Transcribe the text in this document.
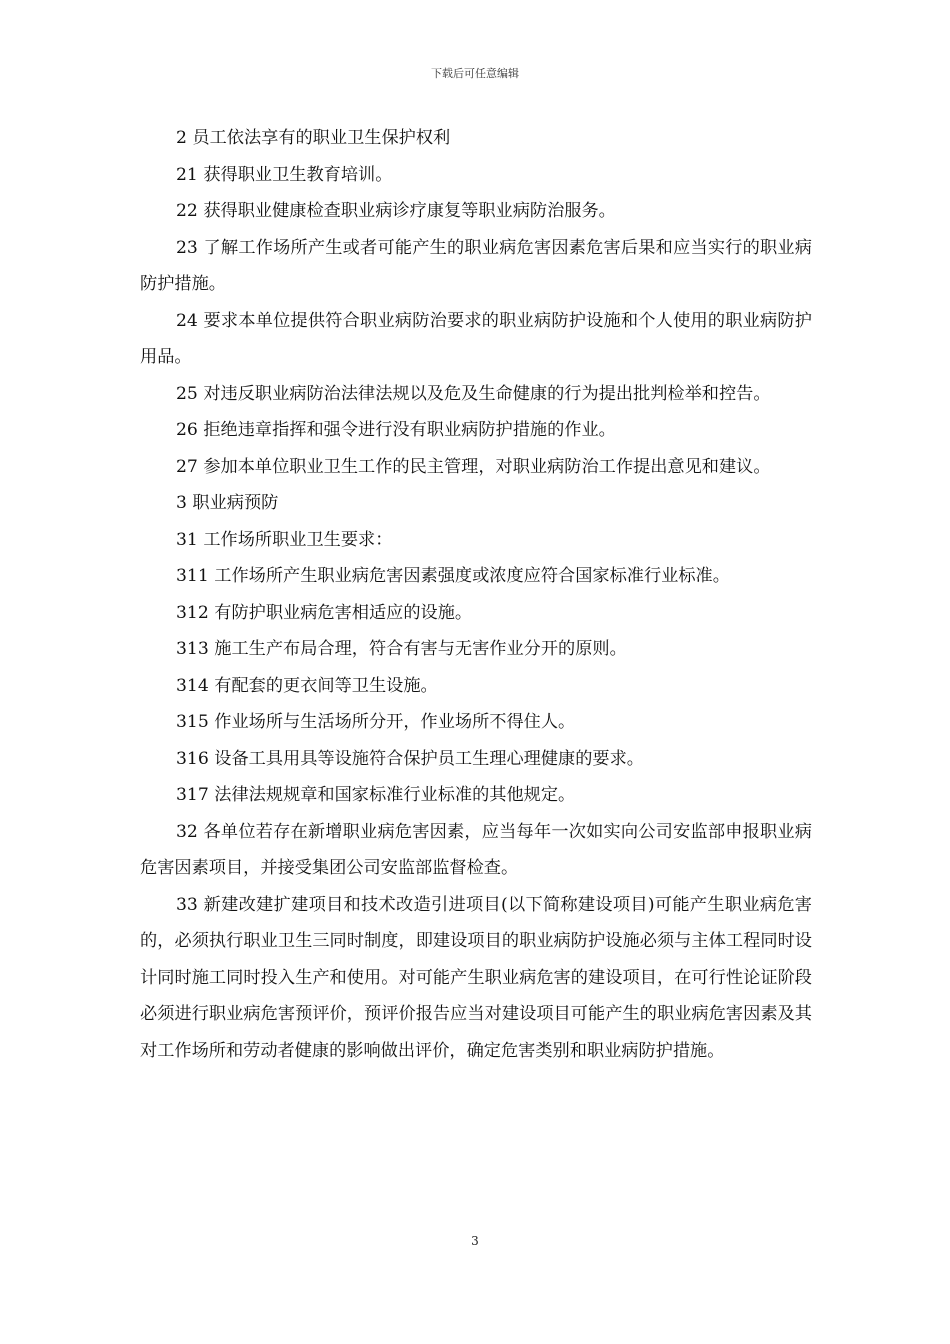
下载后可任意编辑

2 员工依法享有的职业卫生保护权利

21 获得职业卫生教育培训。

22 获得职业健康检查职业病诊疗康复等职业病防治服务。

23 了解工作场所产生或者可能产生的职业病危害因素危害后果和应当实行的职业病防护措施。

24 要求本单位提供符合职业病防治要求的职业病防护设施和个人使用的职业病防护用品。

25 对违反职业病防治法律法规以及危及生命健康的行为提出批判检举和控告。

26 拒绝违章指挥和强令进行没有职业病防护措施的作业。

27 参加本单位职业卫生工作的民主管理，对职业病防治工作提出意见和建议。

3 职业病预防

31 工作场所职业卫生要求：

311 工作场所产生职业病危害因素强度或浓度应符合国家标准行业标准。

312 有防护职业病危害相适应的设施。

313 施工生产布局合理，符合有害与无害作业分开的原则。

314 有配套的更衣间等卫生设施。

315 作业场所与生活场所分开，作业场所不得住人。

316 设备工具用具等设施符合保护员工生理心理健康的要求。

317 法律法规规章和国家标准行业标准的其他规定。

32 各单位若存在新增职业病危害因素，应当每年一次如实向公司安监部申报职业病危害因素项目，并接受集团公司安监部监督检查。

33 新建改建扩建项目和技术改造引进项目(以下简称建设项目)可能产生职业病危害的，必须执行职业卫生三同时制度，即建设项目的职业病防护设施必须与主体工程同时设计同时施工同时投入生产和使用。对可能产生职业病危害的建设项目，在可行性论证阶段必须进行职业病危害预评价，预评价报告应当对建设项目可能产生的职业病危害因素及其对工作场所和劳动者健康的影响做出评价，确定危害类别和职业病防护措施。

3
